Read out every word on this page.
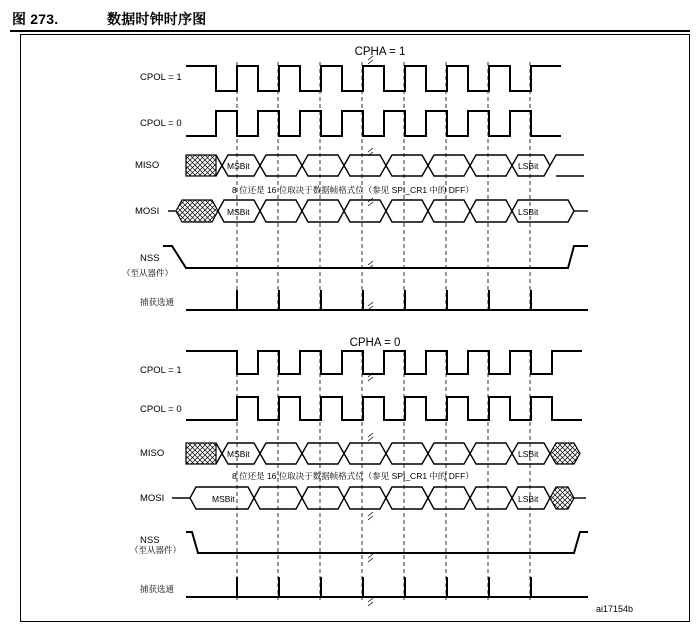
图 273.	数据时钟时序图
CPHA = 1
CPOL = 1
CPOL = 0
MISO	MSBit	LSBit
8 位还是 16 位取决于数据帧格式位（参见 SPI_CR1 中的 DFF）
MOSI	MSBit	LSBit
NSS
（至从器件）
捕获选通
CPHA = 0
CPOL = 1
CPOL = 0
MISO	MSBit	LSBit
8 位还是 16 位取决于数据帧格式位（参见 SPI_CR1 中的 DFF）
MOSI	MSBit	LSBit
NSS
（至从器件）
捕获选通
ai17154b
